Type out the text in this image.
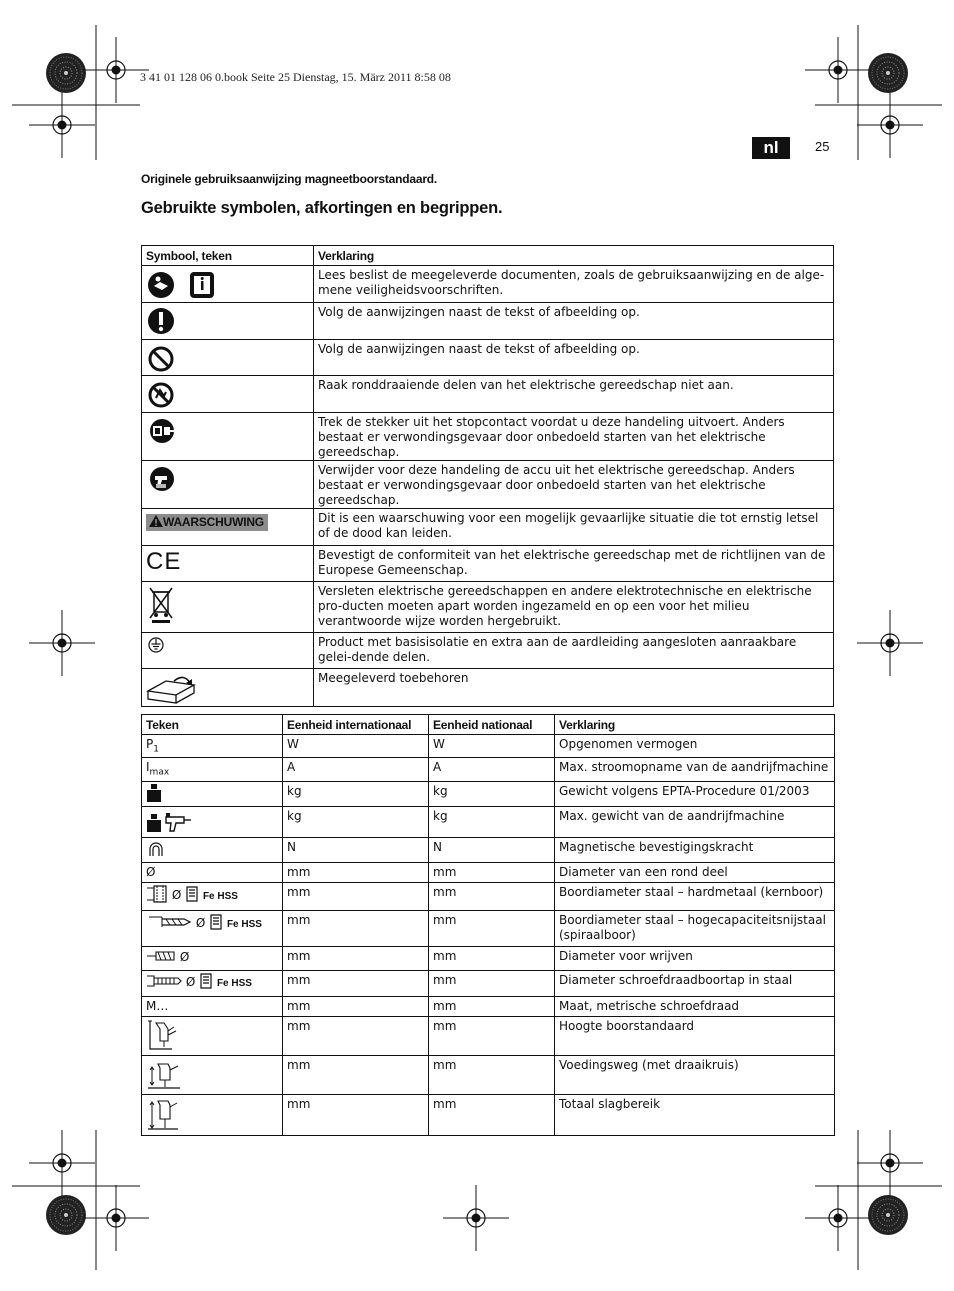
3 41 01 128 06 0.book Seite 25 Dienstag, 15. März 2011 8:58 08
nl	25
Originele gebruiksaanwijzing magneetboorstandaard.
Gebruikte symbolen, afkortingen en begrippen.
Symbool, teken	Verklaring
	Lees beslist de meegeleverde documenten, zoals de gebruiksaanwijzing en de alge-mene veiligheidsvoorschriften.
	Volg de aanwijzingen naast de tekst of afbeelding op.
	Volg de aanwijzingen naast de tekst of afbeelding op.
	Raak ronddraaiende delen van het elektrische gereedschap niet aan.
	Trek de stekker uit het stopcontact voordat u deze handeling uitvoert. Anders bestaat er verwondingsgevaar door onbedoeld starten van het elektrische gereedschap.
	Verwijder voor deze handeling de accu uit het elektrische gereedschap. Anders bestaat er verwondingsgevaar door onbedoeld starten van het elektrische gereedschap.
WAARSCHUWING	Dit is een waarschuwing voor een mogelijk gevaarlijke situatie die tot ernstig letsel of de dood kan leiden.
CE	Bevestigt de conformiteit van het elektrische gereedschap met de richtlijnen van de Europese Gemeenschap.
	Versleten elektrische gereedschappen en andere elektrotechnische en elektrische pro-ducten moeten apart worden ingezameld en op een voor het milieu verantwoorde wijze worden hergebruikt.
	Product met basisisolatie en extra aan de aardleiding aangesloten aanraakbare gelei-dende delen.
	Meegeleverd toebehoren
Teken	Eenheid internationaal	Eenheid nationaal	Verklaring
$P_1$	W	W	Opgenomen vermogen
$I_{max}$	A	A	Max. stroomopname van de aandrijfmachine
	kg	kg	Gewicht volgens EPTA-Procedure 01/2003
	kg	kg	Max. gewicht van de aandrijfmachine
	N	N	Magnetische bevestigingskracht
Ø	mm	mm	Diameter van een rond deel
Ø Fe HSS	mm	mm	Boordiameter staal – hardmetaal (kernboor)
Ø Fe HSS	mm	mm	Boordiameter staal – hogecapaciteitsnijstaal (spiraalboor)
Ø	mm	mm	Diameter voor wrijven
Ø Fe HSS	mm	mm	Diameter schroefdraadboortap in staal
M…	mm	mm	Maat, metrische schroefdraad
	mm	mm	Hoogte boorstandaard
	mm	mm	Voedingsweg (met draaikruis)
	mm	mm	Totaal slagbereik
